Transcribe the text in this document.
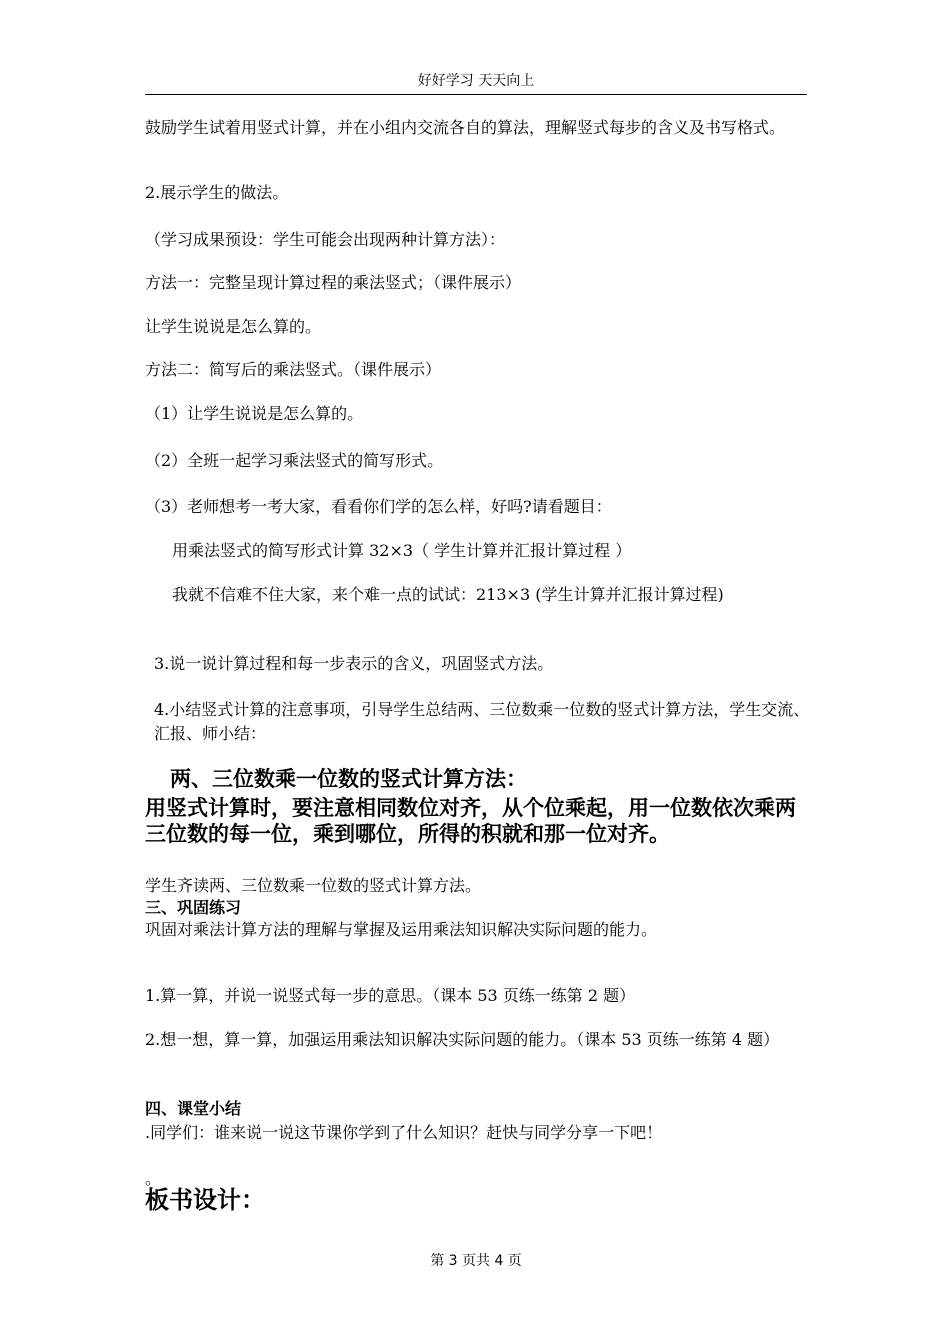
好好学习 天天向上
鼓励学生试着用竖式计算，并在小组内交流各自的算法，理解竖式每步的含义及书写格式。
2.展示学生的做法。
（学习成果预设：学生可能会出现两种计算方法）：
方法一：完整呈现计算过程的乘法竖式；（课件展示）
让学生说说是怎么算的。
方法二：简写后的乘法竖式。（课件展示）
（1）让学生说说是怎么算的。
（2）全班一起学习乘法竖式的简写形式。
（3）老师想考一考大家，看看你们学的怎么样，好吗?请看题目：
用乘法竖式的简写形式计算 32×3（ 学生计算并汇报计算过程 ）
我就不信难不住大家，来个难一点的试试：213×3 (学生计算并汇报计算过程)
3.说一说计算过程和每一步表示的含义，巩固竖式方法。
4.小结竖式计算的注意事项，引导学生总结两、三位数乘一位数的竖式计算方法，学生交流、汇报、师小结：
两、三位数乘一位数的竖式计算方法：
用竖式计算时，要注意相同数位对齐，从个位乘起，用一位数依次乘两三位数的每一位，乘到哪位，所得的积就和那一位对齐。
学生齐读两、三位数乘一位数的竖式计算方法。
三、巩固练习
巩固对乘法计算方法的理解与掌握及运用乘法知识解决实际问题的能力。
1.算一算，并说一说竖式每一步的意思。（课本 53 页练一练第 2 题）
2.想一想，算一算，加强运用乘法知识解决实际问题的能力。（课本 53 页练一练第 4 题）
四、课堂小结
.同学们：谁来说一说这节课你学到了什么知识？赶快与同学分享一下吧！
。
板书设计：
第 3 页共 4 页
